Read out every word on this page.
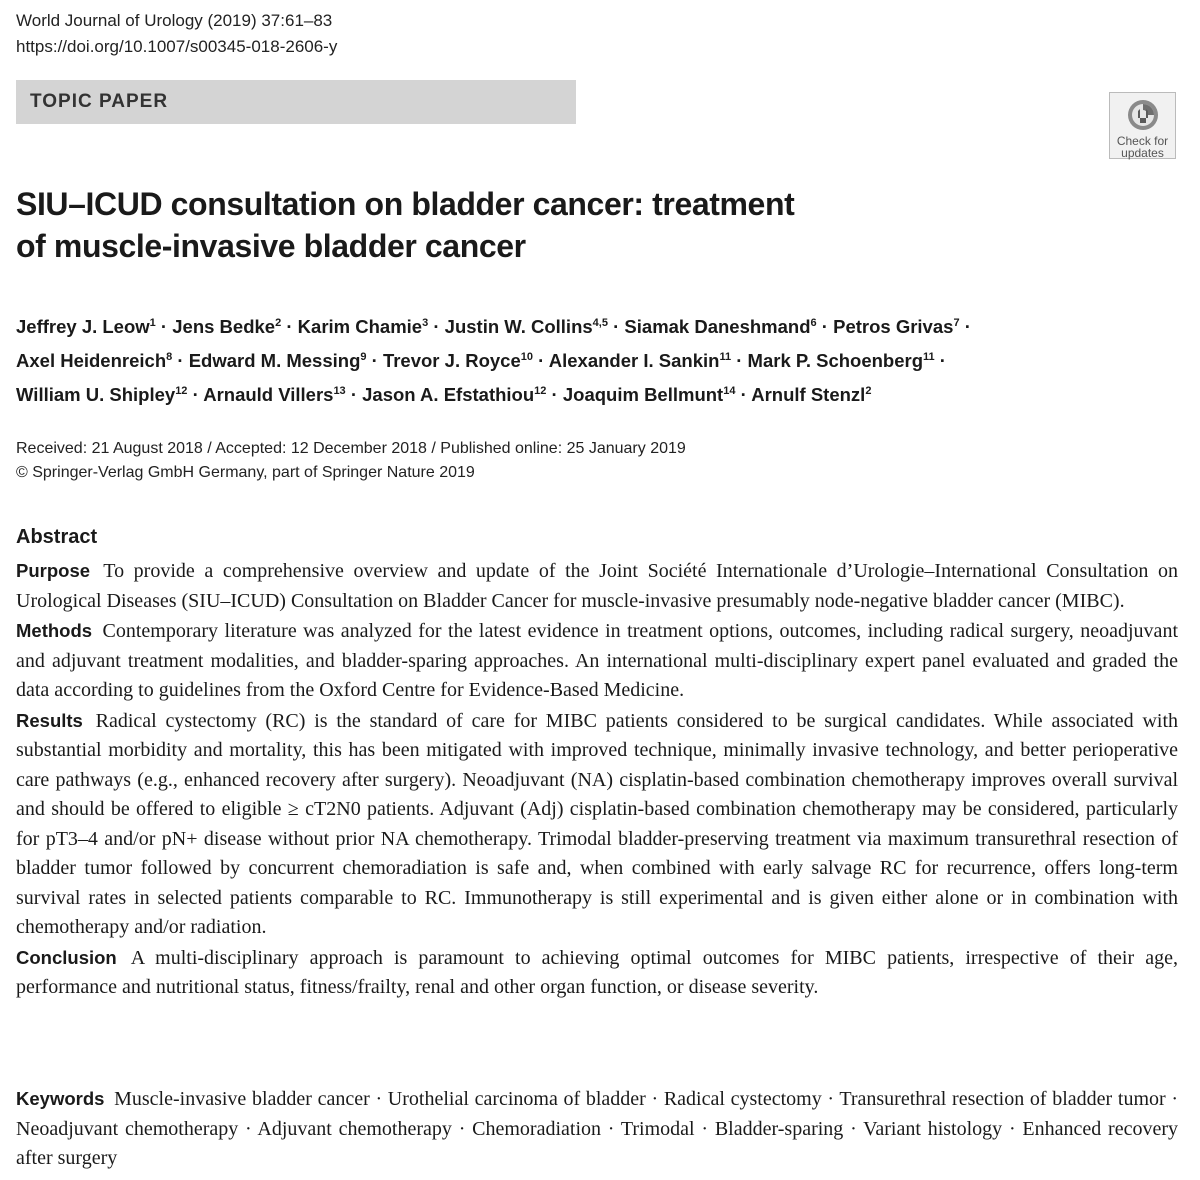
World Journal of Urology (2019) 37:61–83
https://doi.org/10.1007/s00345-018-2606-y
TOPIC PAPER
Check for
updates
SIU–ICUD consultation on bladder cancer: treatment
of muscle-invasive bladder cancer
Jeffrey J. Leow$^1$ · Jens Bedke$^2$ · Karim Chamie$^3$ · Justin W. Collins$^{4,5}$ · Siamak Daneshmand$^6$ · Petros Grivas$^7$ ·
Axel Heidenreich$^8$ · Edward M. Messing$^9$ · Trevor J. Royce$^{10}$ · Alexander I. Sankin$^{11}$ · Mark P. Schoenberg$^{11}$ ·
William U. Shipley$^{12}$ · Arnauld Villers$^{13}$ · Jason A. Efstathiou$^{12}$ · Joaquim Bellmunt$^{14}$ · Arnulf Stenzl$^2$
Received: 21 August 2018 / Accepted: 12 December 2018 / Published online: 25 January 2019
© Springer-Verlag GmbH Germany, part of Springer Nature 2019
Abstract

Purpose To provide a comprehensive overview and update of the Joint Société Internationale d’Urologie–International Consultation on Urological Diseases (SIU–ICUD) Consultation on Bladder Cancer for muscle-invasive presumably node-negative bladder cancer (MIBC).

Methods Contemporary literature was analyzed for the latest evidence in treatment options, outcomes, including radical surgery, neoadjuvant and adjuvant treatment modalities, and bladder-sparing approaches. An international multi-disciplinary expert panel evaluated and graded the data according to guidelines from the Oxford Centre for Evidence-Based Medicine.

Results Radical cystectomy (RC) is the standard of care for MIBC patients considered to be surgical candidates. While associated with substantial morbidity and mortality, this has been mitigated with improved technique, minimally invasive technology, and better perioperative care pathways (e.g., enhanced recovery after surgery). Neoadjuvant (NA) cisplatin-based combination chemotherapy improves overall survival and should be offered to eligible ≥ cT2N0 patients. Adjuvant (Adj) cisplatin-based combination chemotherapy may be considered, particularly for pT3–4 and/or pN+ disease without prior NA chemotherapy. Trimodal bladder-preserving treatment via maximum transurethral resection of bladder tumor followed by concurrent chemoradiation is safe and, when combined with early salvage RC for recurrence, offers long-term survival rates in selected patients comparable to RC. Immunotherapy is still experimental and is given either alone or in combination with chemotherapy and/or radiation.

Conclusion A multi-disciplinary approach is paramount to achieving optimal outcomes for MIBC patients, irrespective of their age, performance and nutritional status, fitness/frailty, renal and other organ function, or disease severity.

Keywords Muscle-invasive bladder cancer · Urothelial carcinoma of bladder · Radical cystectomy · Transurethral resection of bladder tumor · Neoadjuvant chemotherapy · Adjuvant chemotherapy · Chemoradiation · Trimodal · Bladder-sparing · Variant histology · Enhanced recovery after surgery
